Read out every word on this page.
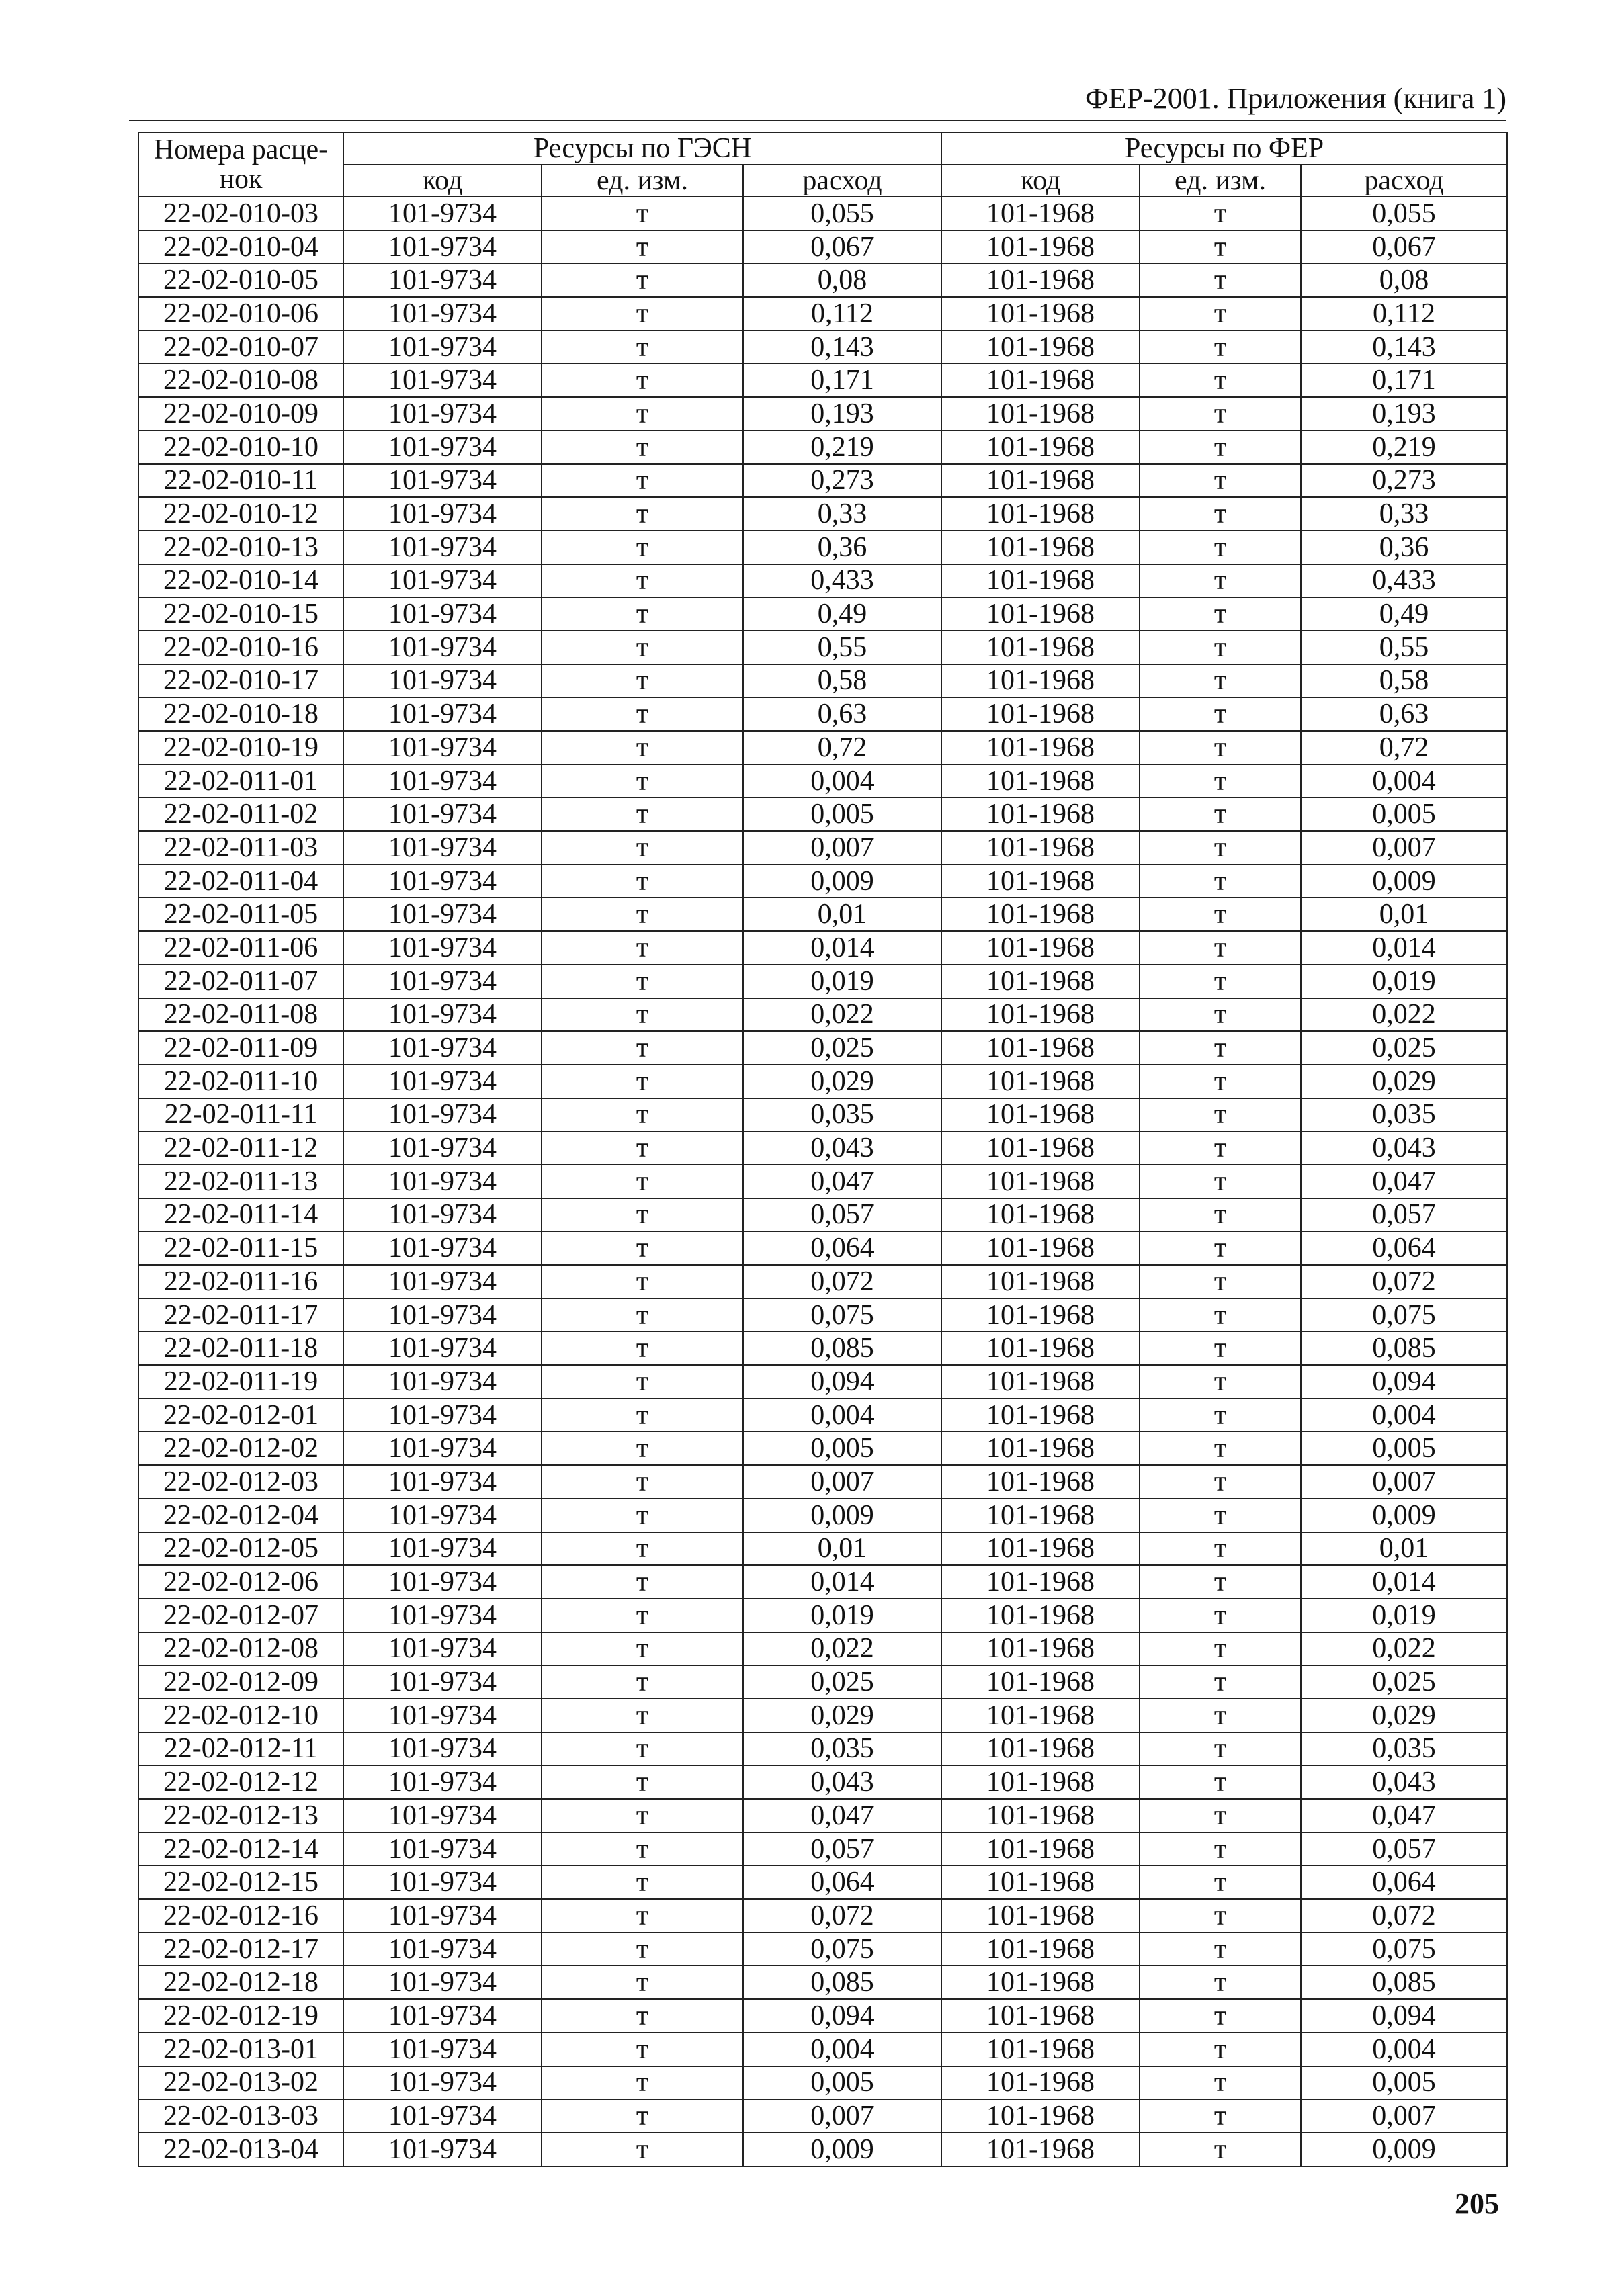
ФЕР-2001. Приложения (книга 1)
Номера расце-нок	Ресурсы по ГЭСН			Ресурсы по ФЕР		
	код	ед. изм.	расход	код	ед. изм.	расход
22-02-010-03	101-9734	т	0,055	101-1968	т	0,055
22-02-010-04	101-9734	т	0,067	101-1968	т	0,067
22-02-010-05	101-9734	т	0,08	101-1968	т	0,08
22-02-010-06	101-9734	т	0,112	101-1968	т	0,112
22-02-010-07	101-9734	т	0,143	101-1968	т	0,143
22-02-010-08	101-9734	т	0,171	101-1968	т	0,171
22-02-010-09	101-9734	т	0,193	101-1968	т	0,193
22-02-010-10	101-9734	т	0,219	101-1968	т	0,219
22-02-010-11	101-9734	т	0,273	101-1968	т	0,273
22-02-010-12	101-9734	т	0,33	101-1968	т	0,33
22-02-010-13	101-9734	т	0,36	101-1968	т	0,36
22-02-010-14	101-9734	т	0,433	101-1968	т	0,433
22-02-010-15	101-9734	т	0,49	101-1968	т	0,49
22-02-010-16	101-9734	т	0,55	101-1968	т	0,55
22-02-010-17	101-9734	т	0,58	101-1968	т	0,58
22-02-010-18	101-9734	т	0,63	101-1968	т	0,63
22-02-010-19	101-9734	т	0,72	101-1968	т	0,72
22-02-011-01	101-9734	т	0,004	101-1968	т	0,004
22-02-011-02	101-9734	т	0,005	101-1968	т	0,005
22-02-011-03	101-9734	т	0,007	101-1968	т	0,007
22-02-011-04	101-9734	т	0,009	101-1968	т	0,009
22-02-011-05	101-9734	т	0,01	101-1968	т	0,01
22-02-011-06	101-9734	т	0,014	101-1968	т	0,014
22-02-011-07	101-9734	т	0,019	101-1968	т	0,019
22-02-011-08	101-9734	т	0,022	101-1968	т	0,022
22-02-011-09	101-9734	т	0,025	101-1968	т	0,025
22-02-011-10	101-9734	т	0,029	101-1968	т	0,029
22-02-011-11	101-9734	т	0,035	101-1968	т	0,035
22-02-011-12	101-9734	т	0,043	101-1968	т	0,043
22-02-011-13	101-9734	т	0,047	101-1968	т	0,047
22-02-011-14	101-9734	т	0,057	101-1968	т	0,057
22-02-011-15	101-9734	т	0,064	101-1968	т	0,064
22-02-011-16	101-9734	т	0,072	101-1968	т	0,072
22-02-011-17	101-9734	т	0,075	101-1968	т	0,075
22-02-011-18	101-9734	т	0,085	101-1968	т	0,085
22-02-011-19	101-9734	т	0,094	101-1968	т	0,094
22-02-012-01	101-9734	т	0,004	101-1968	т	0,004
22-02-012-02	101-9734	т	0,005	101-1968	т	0,005
22-02-012-03	101-9734	т	0,007	101-1968	т	0,007
22-02-012-04	101-9734	т	0,009	101-1968	т	0,009
22-02-012-05	101-9734	т	0,01	101-1968	т	0,01
22-02-012-06	101-9734	т	0,014	101-1968	т	0,014
22-02-012-07	101-9734	т	0,019	101-1968	т	0,019
22-02-012-08	101-9734	т	0,022	101-1968	т	0,022
22-02-012-09	101-9734	т	0,025	101-1968	т	0,025
22-02-012-10	101-9734	т	0,029	101-1968	т	0,029
22-02-012-11	101-9734	т	0,035	101-1968	т	0,035
22-02-012-12	101-9734	т	0,043	101-1968	т	0,043
22-02-012-13	101-9734	т	0,047	101-1968	т	0,047
22-02-012-14	101-9734	т	0,057	101-1968	т	0,057
22-02-012-15	101-9734	т	0,064	101-1968	т	0,064
22-02-012-16	101-9734	т	0,072	101-1968	т	0,072
22-02-012-17	101-9734	т	0,075	101-1968	т	0,075
22-02-012-18	101-9734	т	0,085	101-1968	т	0,085
22-02-012-19	101-9734	т	0,094	101-1968	т	0,094
22-02-013-01	101-9734	т	0,004	101-1968	т	0,004
22-02-013-02	101-9734	т	0,005	101-1968	т	0,005
22-02-013-03	101-9734	т	0,007	101-1968	т	0,007
22-02-013-04	101-9734	т	0,009	101-1968	т	0,009
205
